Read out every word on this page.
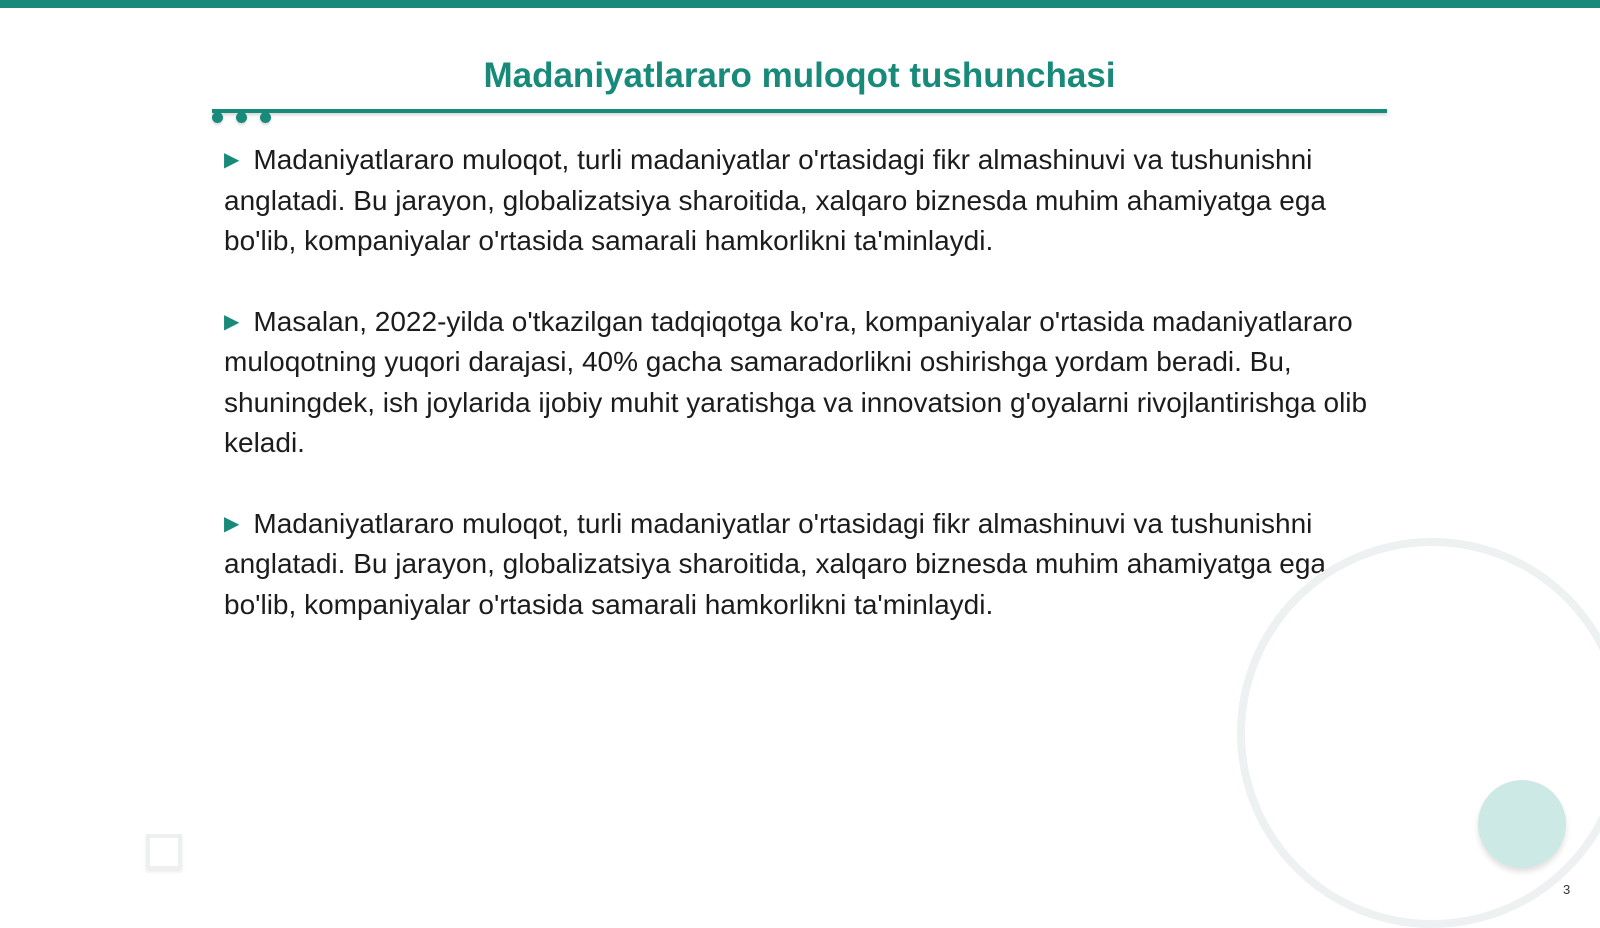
Madaniyatlararo muloqot tushunchasi

▶ Madaniyatlararo muloqot, turli madaniyatlar o'rtasidagi fikr almashinuvi va tushunishni anglatadi. Bu jarayon, globalizatsiya sharoitida, xalqaro biznesda muhim ahamiyatga ega bo'lib, kompaniyalar o'rtasida samarali hamkorlikni ta'minlaydi.

▶ Masalan, 2022-yilda o'tkazilgan tadqiqotga ko'ra, kompaniyalar o'rtasida madaniyatlararo muloqotning yuqori darajasi, 40% gacha samaradorlikni oshirishga yordam beradi. Bu, shuningdek, ish joylarida ijobiy muhit yaratishga va innovatsion g'oyalarni rivojlantirishga olib keladi.

▶ Madaniyatlararo muloqot, turli madaniyatlar o'rtasidagi fikr almashinuvi va tushunishni anglatadi. Bu jarayon, globalizatsiya sharoitida, xalqaro biznesda muhim ahamiyatga ega bo'lib, kompaniyalar o'rtasida samarali hamkorlikni ta'minlaydi.

3
